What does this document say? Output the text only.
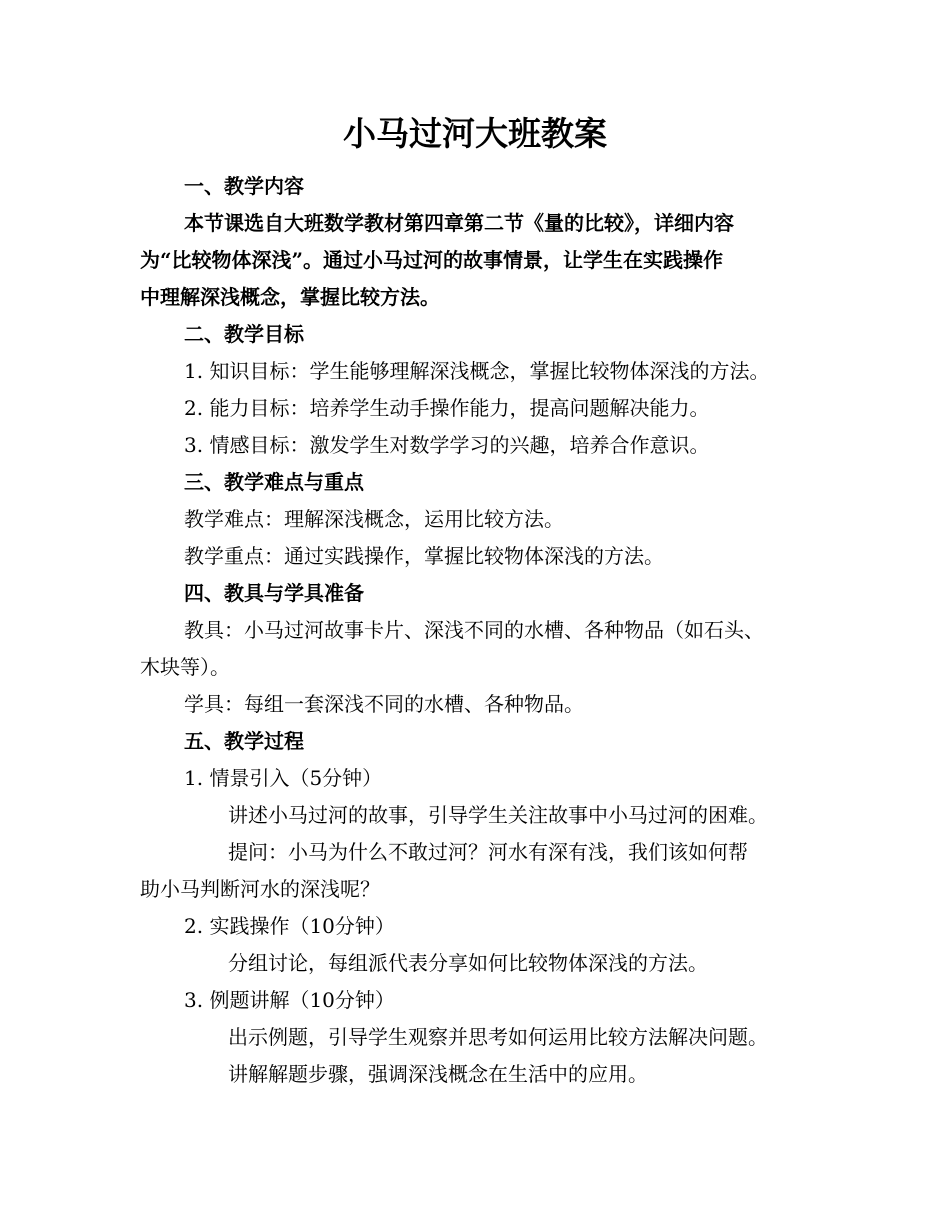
小马过河大班教案
一、教学内容
本节课选自大班数学教材第四章第二节《量的比较》，详细内容
为“比较物体深浅”。通过小马过河的故事情景，让学生在实践操作
中理解深浅概念，掌握比较方法。
二、教学目标
1. 知识目标：学生能够理解深浅概念，掌握比较物体深浅的方法。
2. 能力目标：培养学生动手操作能力，提高问题解决能力。
3. 情感目标：激发学生对数学学习的兴趣，培养合作意识。
三、教学难点与重点
教学难点：理解深浅概念，运用比较方法。
教学重点：通过实践操作，掌握比较物体深浅的方法。
四、教具与学具准备
教具：小马过河故事卡片、深浅不同的水槽、各种物品（如石头、
木块等）。
学具：每组一套深浅不同的水槽、各种物品。
五、教学过程
1. 情景引入（5分钟）
讲述小马过河的故事，引导学生关注故事中小马过河的困难。
提问：小马为什么不敢过河？河水有深有浅，我们该如何帮
助小马判断河水的深浅呢？
2. 实践操作（10分钟）
分组讨论，每组派代表分享如何比较物体深浅的方法。
3. 例题讲解（10分钟）
出示例题，引导学生观察并思考如何运用比较方法解决问题。
讲解解题步骤，强调深浅概念在生活中的应用。
